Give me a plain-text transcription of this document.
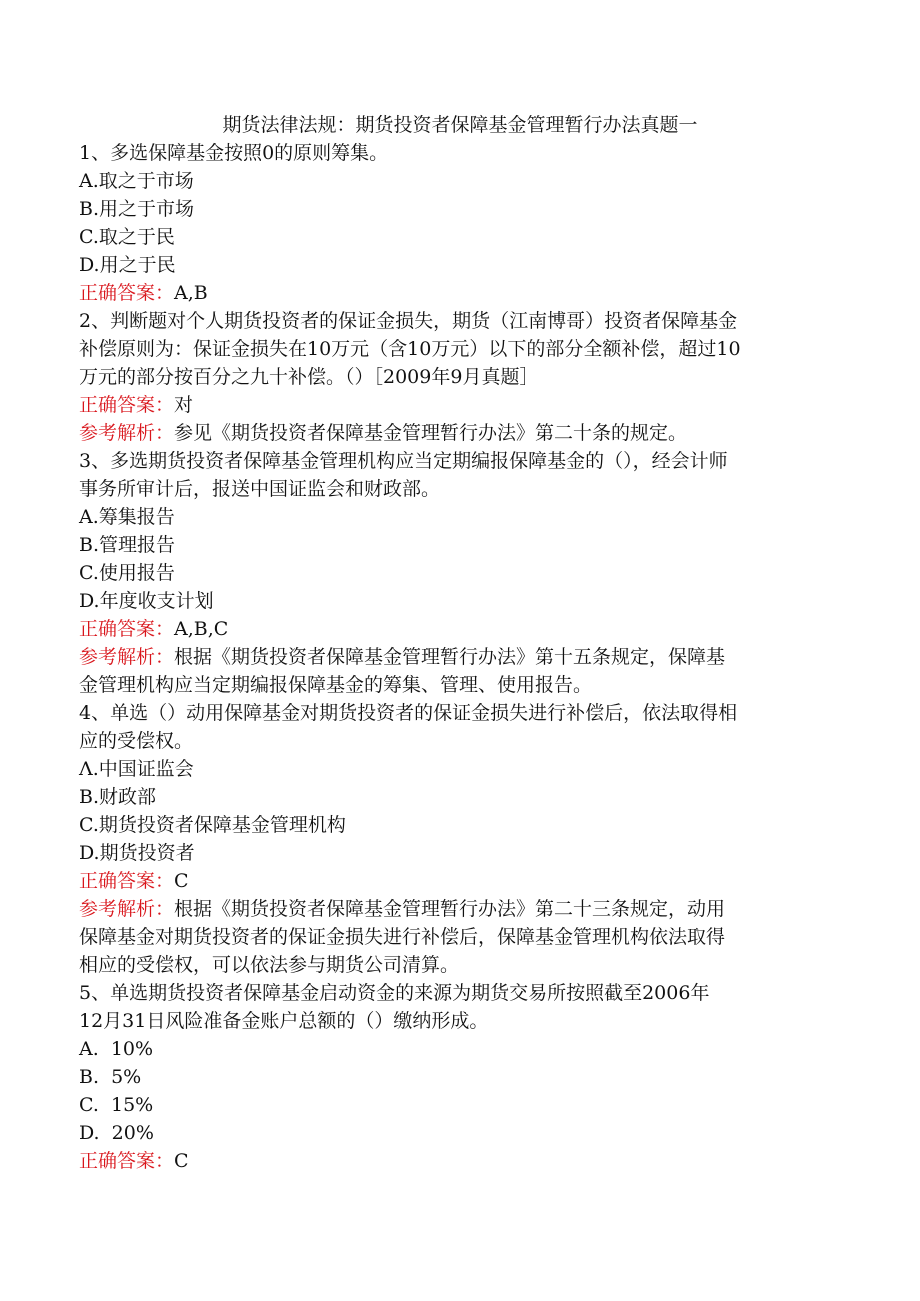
期货法律法规：期货投资者保障基金管理暂行办法真题一
1、多选保障基金按照0的原则筹集。
A.取之于市场
B.用之于市场
C.取之于民
D.用之于民
正确答案：A,B
2、判断题对个人期货投资者的保证金损失，期货（江南博哥）投资者保障基金
补偿原则为：保证金损失在10万元（含10万元）以下的部分全额补偿，超过10
万元的部分按百分之九十补偿。（）［2009年9月真题］
正确答案：对
参考解析：参见《期货投资者保障基金管理暂行办法》第二十条的规定。
3、多选期货投资者保障基金管理机构应当定期编报保障基金的（），经会计师
事务所审计后，报送中国证监会和财政部。
A.筹集报告
B.管理报告
C.使用报告
D.年度收支计划
正确答案：A,B,C
参考解析：根据《期货投资者保障基金管理暂行办法》第十五条规定，保障基
金管理机构应当定期编报保障基金的筹集、管理、使用报告。
4、单选（）动用保障基金对期货投资者的保证金损失进行补偿后，依法取得相
应的受偿权。
Λ.中国证监会
B.财政部
C.期货投资者保障基金管理机构
D.期货投资者
正确答案：C
参考解析：根据《期货投资者保障基金管理暂行办法》第二十三条规定，动用
保障基金对期货投资者的保证金损失进行补偿后，保障基金管理机构依法取得
相应的受偿权，可以依法参与期货公司清算。
5、单选期货投资者保障基金启动资金的来源为期货交易所按照截至2006年
12月31日风险准备金账户总额的（）缴纳形成。
A.  10%
B.  5%
C.  15%
D.  20%
正确答案：C
